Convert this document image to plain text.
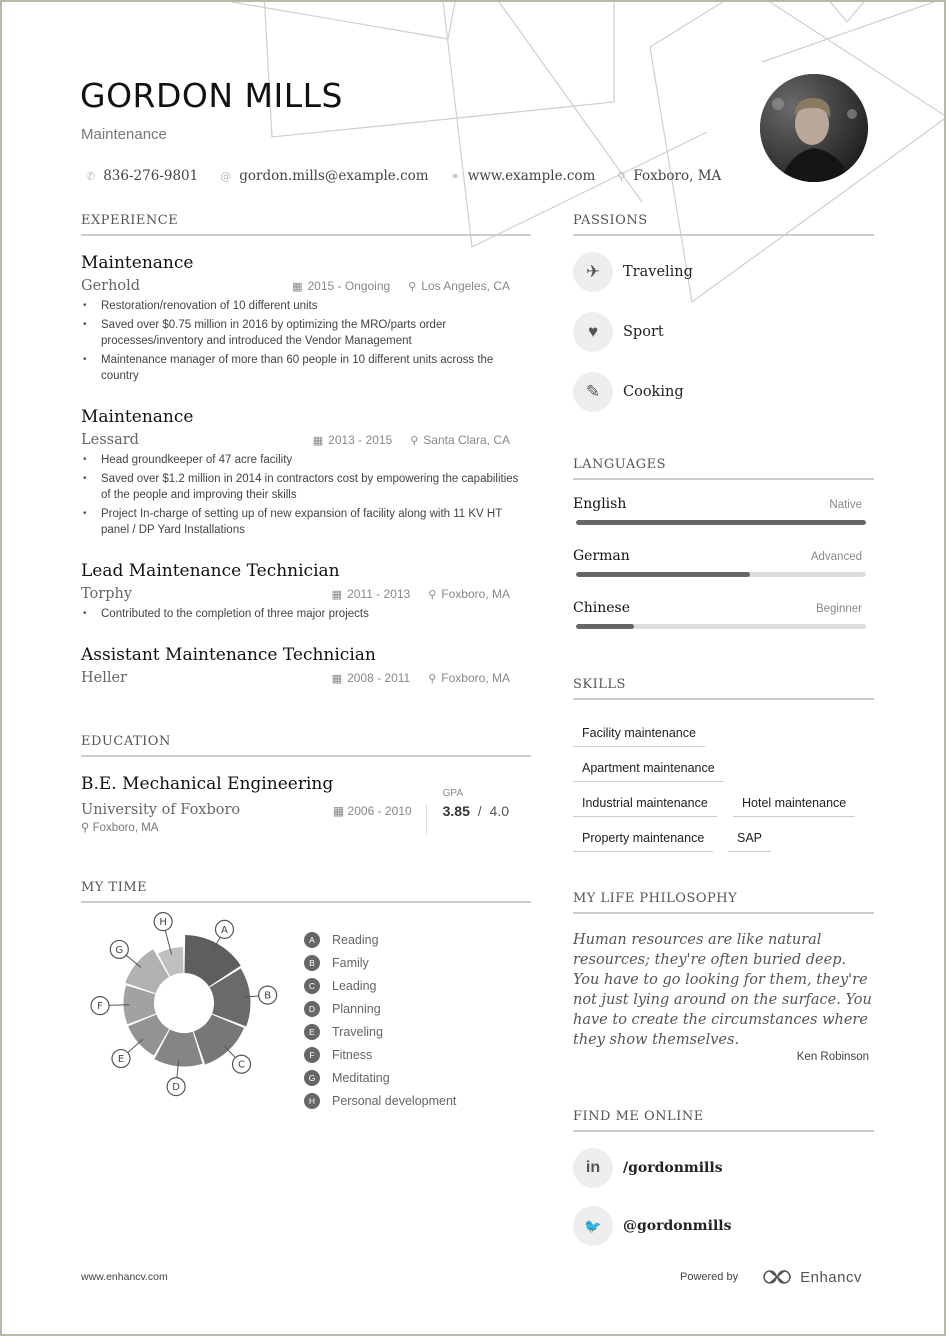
GORDON MILLS
Maintenance
✆ 836-276-9801 @ gordon.mills@example.com ⚭ www.example.com ⚲ Foxboro, MA
EXPERIENCE
Maintenance
Gerhold	▦ 2015 - Ongoing ⚲ Los Angeles, CA
• Restoration/renovation of 10 different units
• Saved over $0.75 million in 2016 by optimizing the MRO/parts order processes/inventory and introduced the Vendor Management
• Maintenance manager of more than 60 people in 10 different units across the country
Maintenance
Lessard	▦ 2013 - 2015 ⚲ Santa Clara, CA
• Head groundkeeper of 47 acre facility
• Saved over $1.2 million in 2014 in contractors cost by empowering the capabilities of the people and improving their skills
• Project In-charge of setting up of new expansion of facility along with 11 KV HT panel / DP Yard Installations
Lead Maintenance Technician
Torphy	▦ 2011 - 2013 ⚲ Foxboro, MA
• Contributed to the completion of three major projects
Assistant Maintenance Technician
Heller	▦ 2008 - 2011 ⚲ Foxboro, MA
EDUCATION
B.E. Mechanical Engineering
University of Foxboro
⚲ Foxboro, MA
▦ 2006 - 2010
GPA
3.85 / 4.0
MY TIME
A
B
C
D
E
F
G
H
A	Reading
B	Family
C	Leading
D	Planning
E	Traveling
F	Fitness
G	Meditating
H	Personal development
PASSIONS
✈	Traveling
♥	Sport
✎	Cooking
LANGUAGES
English	Native
German	Advanced
Chinese	Beginner
SKILLS
Facility maintenance
Apartment maintenance
Industrial maintenance	Hotel maintenance
Property maintenance	SAP
MY LIFE PHILOSOPHY
Human resources are like natural resources; they're often buried deep. You have to go looking for them, they're not just lying around on the surface. You have to create the circumstances where they show themselves.
Ken Robinson
FIND ME ONLINE
in	/gordonmills
🐦	@gordonmills
www.enhancv.com	Powered by	Enhancv
